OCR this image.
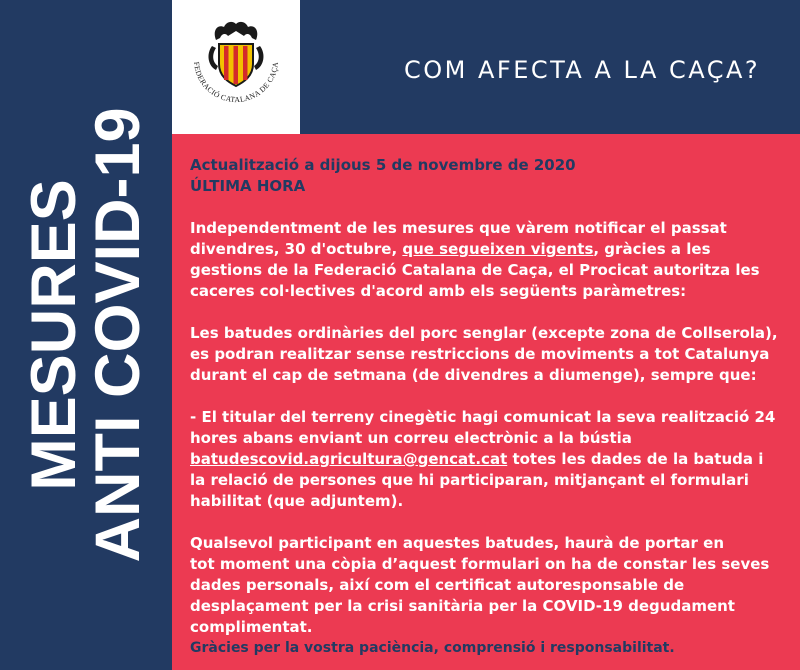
FEDERACIÓ CATALANA DE CAÇA
MESURES
ANTI COVID-19
COM AFECTA A LA CAÇA?

Actualització a dijous 5 de novembre de 2020

ÚLTIMA HORA

Independentment de les mesures que vàrem notificar el passat

divendres, 30 d'octubre, que segueixen vigents, gràcies a les

gestions de la Federació Catalana de Caça, el Procicat autoritza les

caceres col·lectives d'acord amb els següents paràmetres:

Les batudes ordinàries del porc senglar (excepte zona de Collserola),

es podran realitzar sense restriccions de moviments a tot Catalunya

durant el cap de setmana (de divendres a diumenge), sempre que:

- El titular del terreny cinegètic hagi comunicat la seva realització 24

hores abans enviant un correu electrònic a la bústia

batudescovid.agricultura@gencat.cat totes les dades de la batuda i

la relació de persones que hi participaran, mitjançant el formulari

habilitat (que adjuntem).

Qualsevol participant en aquestes batudes, haurà de portar en

tot moment una còpia d’aquest formulari on ha de constar les seves

dades personals, així com el certificat autoresponsable de

desplaçament per la crisi sanitària per la COVID-19 degudament

complimentat.

Gràcies per la vostra paciència, comprensió i responsabilitat.
